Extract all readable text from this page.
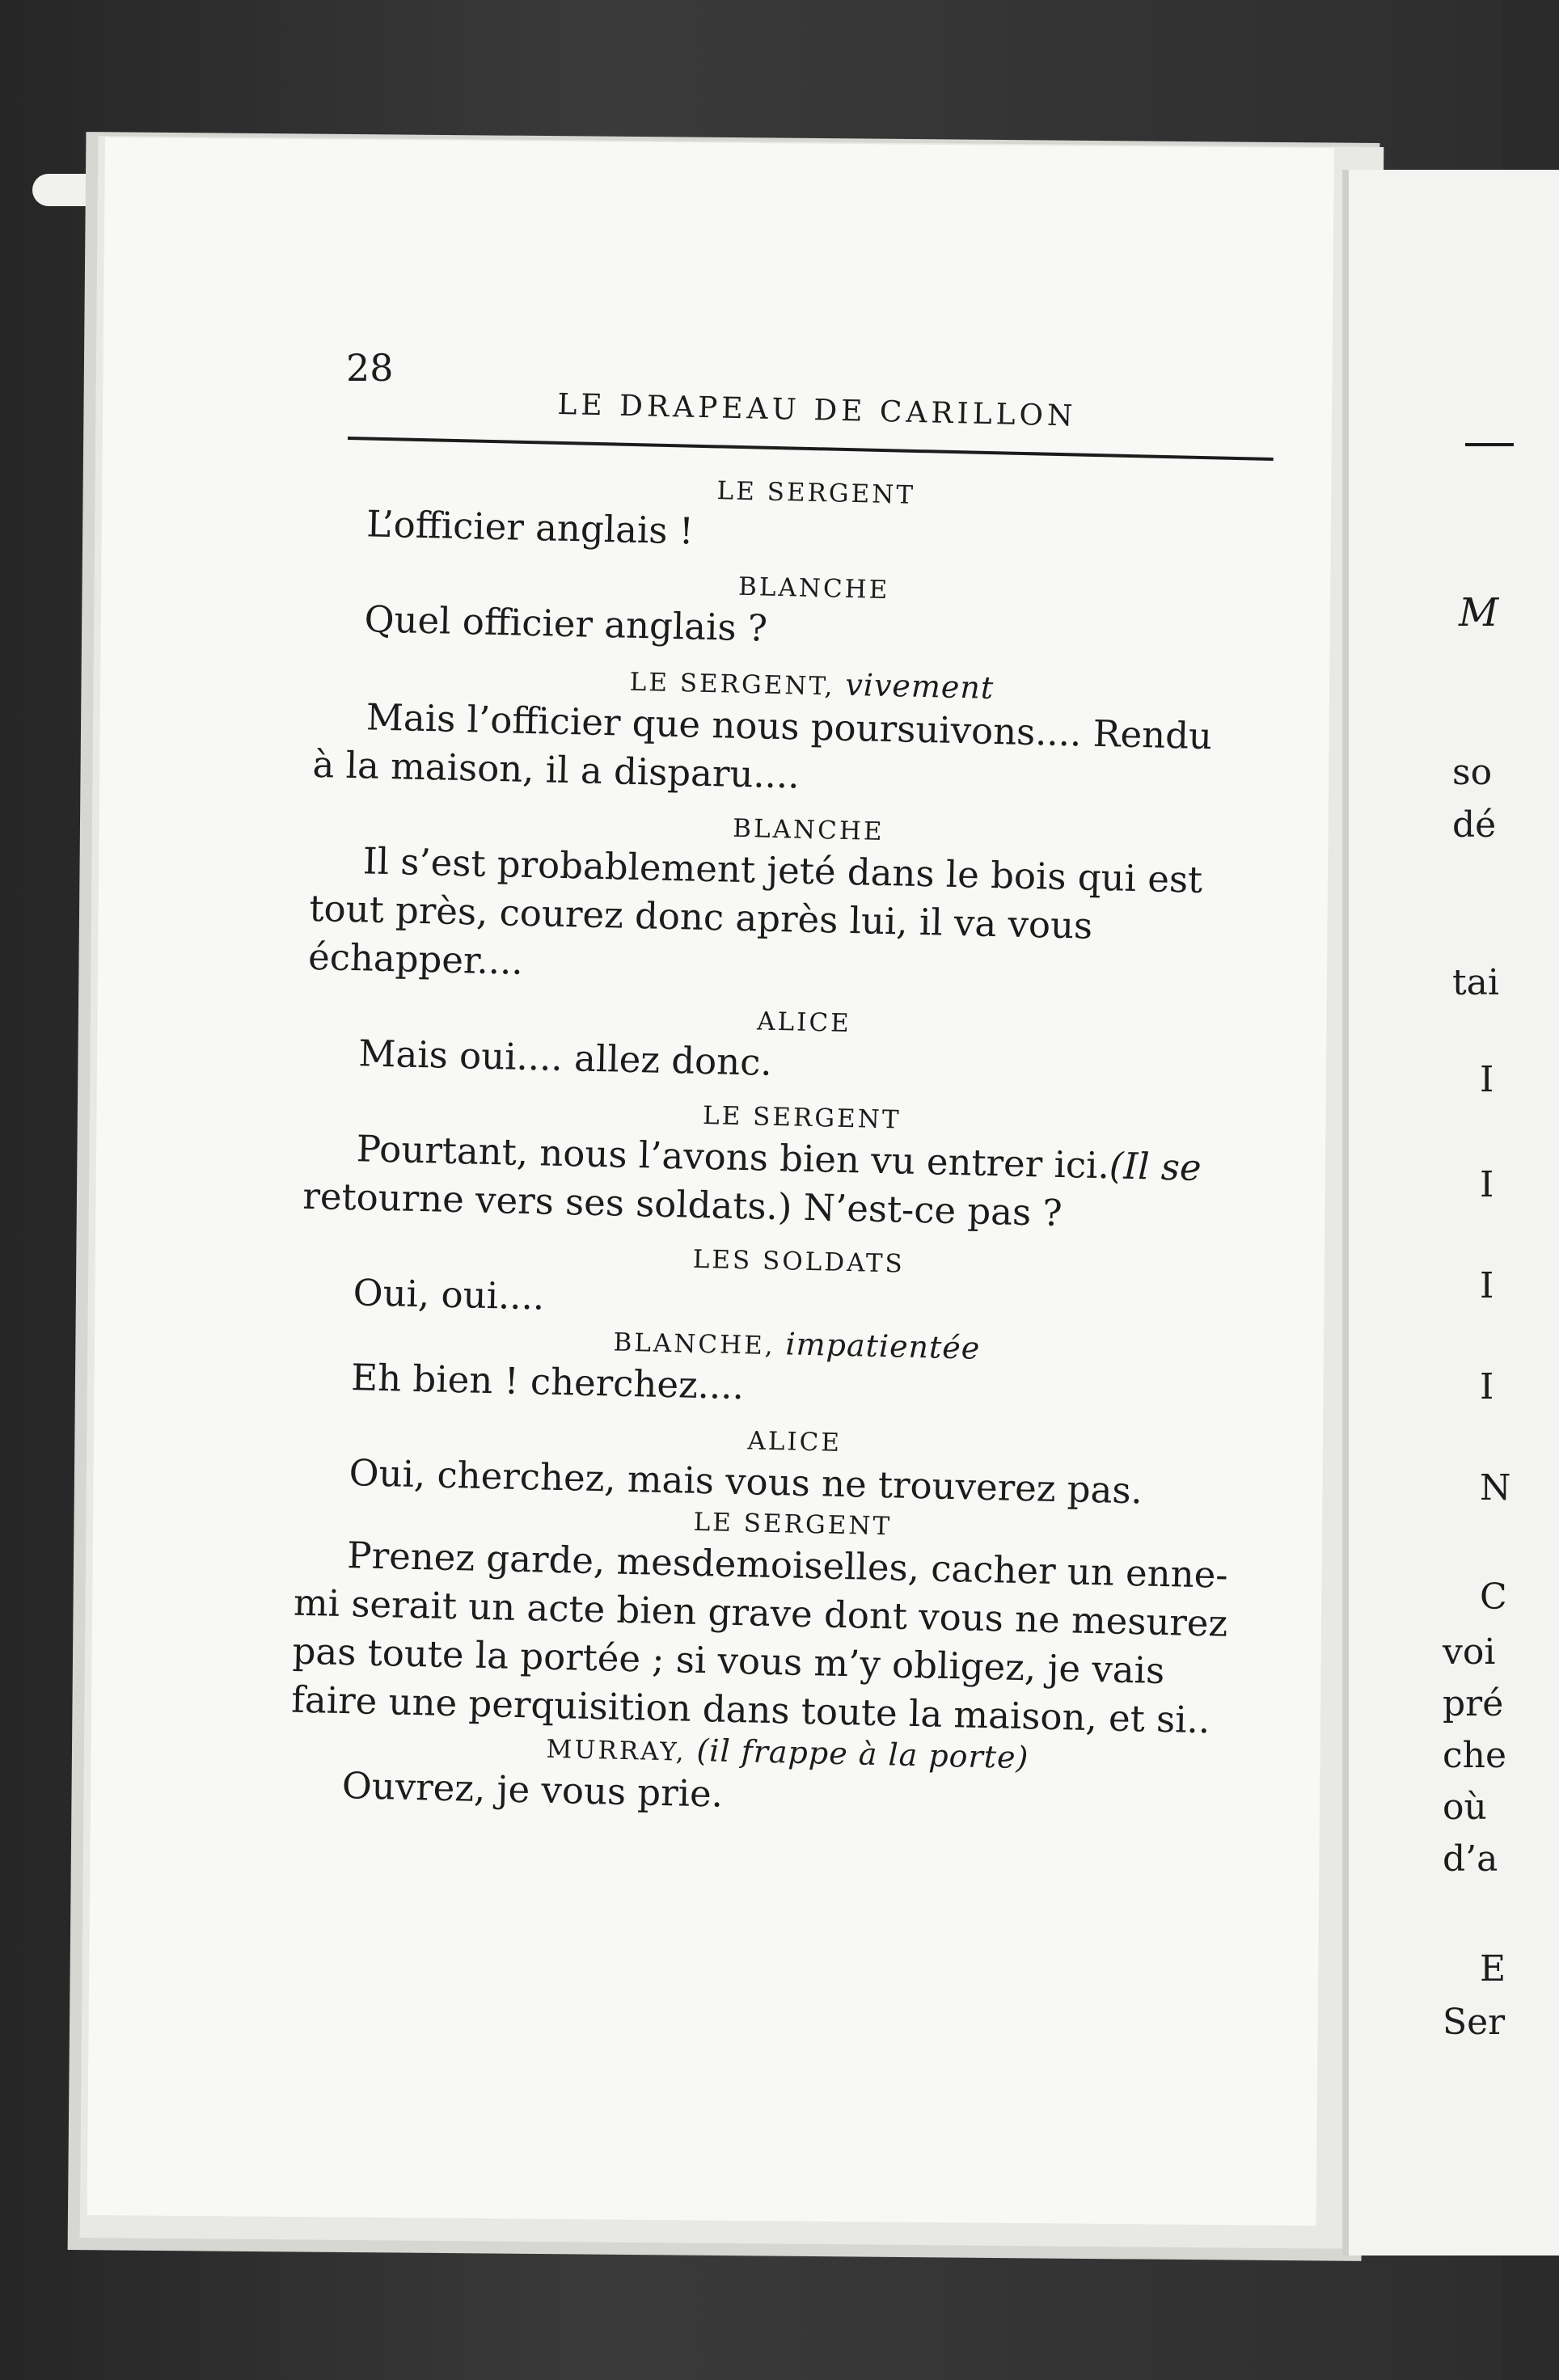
28
LE DRAPEAU DE CARILLON

LE SERGENT

L’officier anglais !

BLANCHE

Quel officier anglais ?

LE SERGENT, vivement

Mais l’officier que nous poursuivons.... Rendu

à la maison, il a disparu....

BLANCHE

Il s’est probablement jeté dans le bois qui est

tout près, courez donc après lui, il va vous

échapper....

ALICE

Mais oui.... allez donc.

LE SERGENT

Pourtant, nous l’avons bien vu entrer ici.(Il se

retourne vers ses soldats.) N’est-ce pas ?

LES SOLDATS

Oui, oui....

BLANCHE, impatientée

Eh bien ! cherchez....

ALICE

Oui, cherchez, mais vous ne trouverez pas.

LE SERGENT

Prenez garde, mesdemoiselles, cacher un enne-

mi serait un acte bien grave dont vous ne mesurez

pas toute la portée ; si vous m’y obligez, je vais

faire une perquisition dans toute la maison, et si..

MURRAY, (il frappe à la porte)

Ouvrez, je vous prie.

M
so
dé
tai
I
I
I
I
N
C
voi
pré
che
où
d’a
E
Ser
